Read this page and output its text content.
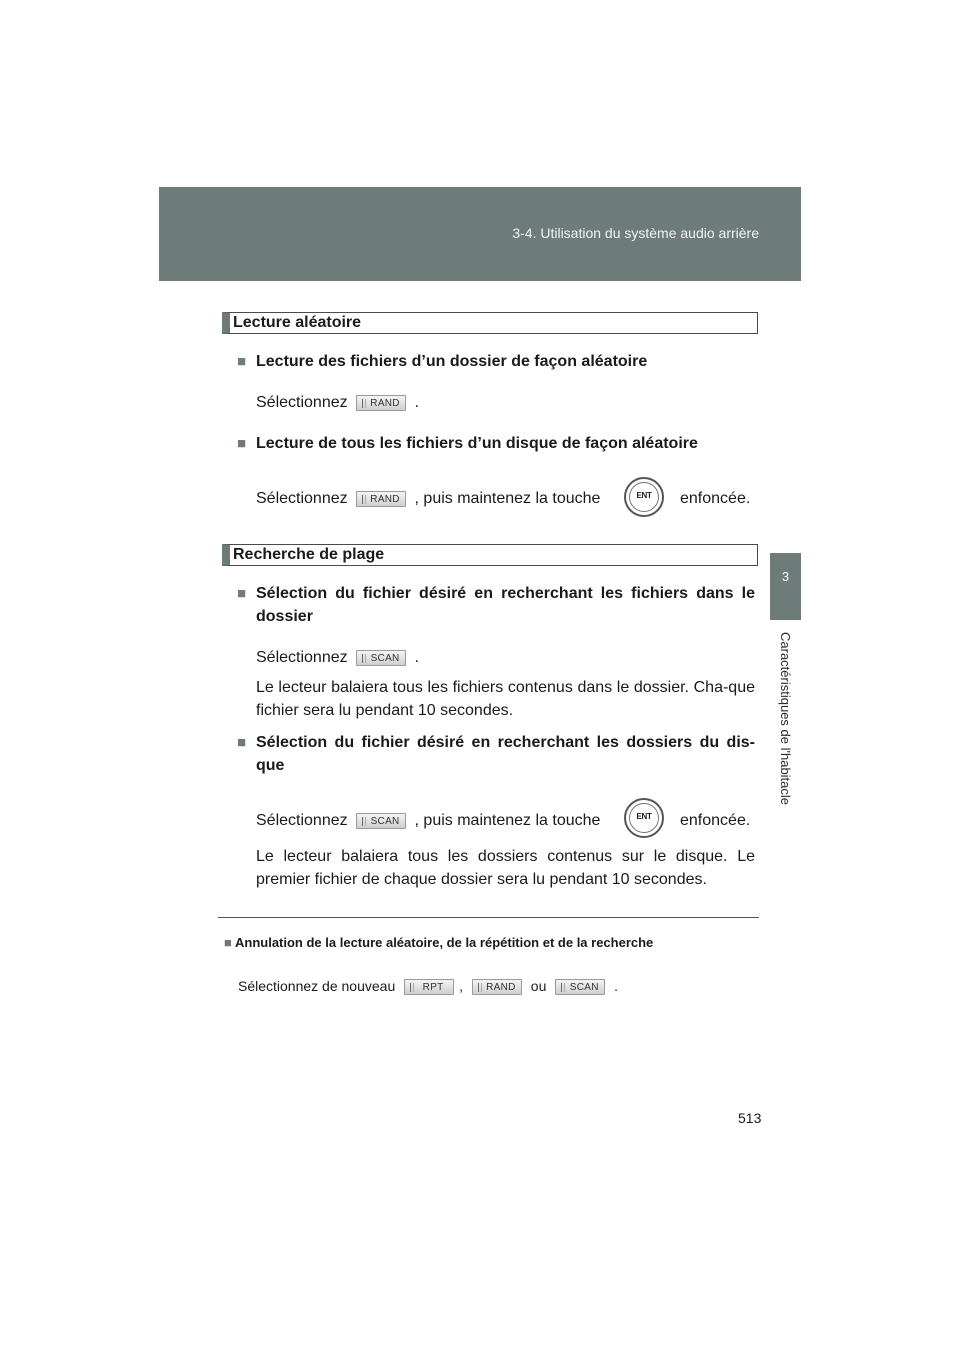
3-4. Utilisation du système audio arrière
3
Caractéristiques de l'habitacle
Lecture aléatoire
■ Lecture des fichiers d’un dossier de façon aléatoire
Sélectionnez RAND .
■ Lecture de tous les fichiers d’un disque de façon aléatoire
Sélectionnez RAND , puis maintenez la touche	ENT	enfoncée.
Recherche de plage
■ Sélection du fichier désiré en recherchant les fichiers dans le dossier
Sélectionnez SCAN .
Le lecteur balaiera tous les fichiers contenus dans le dossier. Cha-que fichier sera lu pendant 10 secondes.
■ Sélection du fichier désiré en recherchant les dossiers du dis-que
Sélectionnez SCAN , puis maintenez la touche	ENT	enfoncée.
Le lecteur balaiera tous les dossiers contenus sur le disque. Le premier fichier de chaque dossier sera lu pendant 10 secondes.
■ Annulation de la lecture aléatoire, de la répétition et de la recherche
Sélectionnez de nouveau	RPT , RAND ou SCAN .
513
